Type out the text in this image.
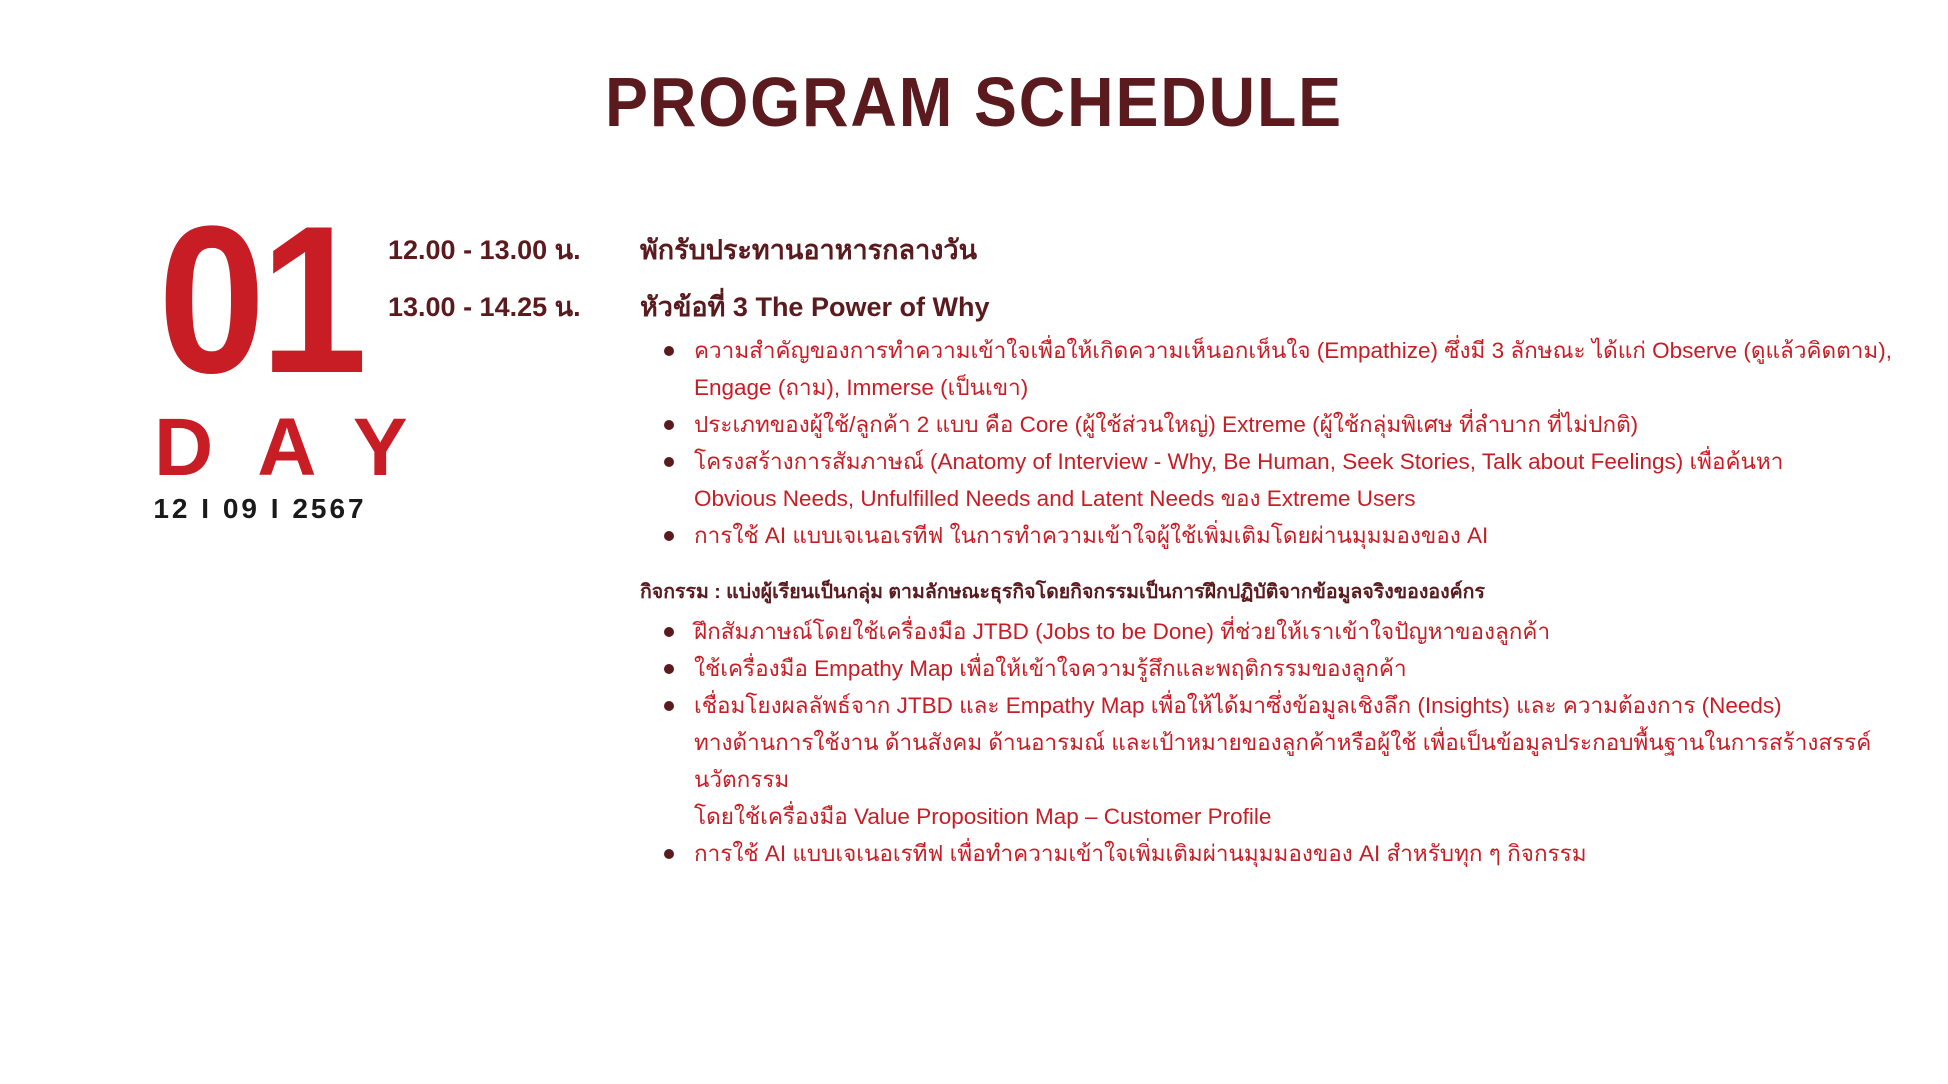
PROGRAM SCHEDULE
01
DAY
12 I 09 I 2567
12.00 - 13.00 น.	พักรับประทานอาหารกลางวัน
13.00 - 14.25 น.	หัวข้อที่ 3 The Power of Why
ความสำคัญของการทำความเข้าใจเพื่อให้เกิดความเห็นอกเห็นใจ (Empathize) ซึ่งมี 3 ลักษณะ ได้แก่ Observe (ดูแล้วคิดตาม),
Engage (ถาม), Immerse (เป็นเขา)
ประเภทของผู้ใช้/ลูกค้า 2 แบบ คือ Core (ผู้ใช้ส่วนใหญ่) Extreme (ผู้ใช้กลุ่มพิเศษ ที่ลำบาก ที่ไม่ปกติ)
โครงสร้างการสัมภาษณ์ (Anatomy of Interview - Why, Be Human, Seek Stories, Talk about Feelings) เพื่อค้นหา
Obvious Needs, Unfulfilled Needs and Latent Needs ของ Extreme Users
การใช้ AI แบบเจเนอเรทีฟ ในการทำความเข้าใจผู้ใช้เพิ่มเติมโดยผ่านมุมมองของ AI
กิจกรรม : แบ่งผู้เรียนเป็นกลุ่ม ตามลักษณะธุรกิจโดยกิจกรรมเป็นการฝึกปฏิบัติจากข้อมูลจริงขององค์กร
ฝึกสัมภาษณ์โดยใช้เครื่องมือ JTBD (Jobs to be Done) ที่ช่วยให้เราเข้าใจปัญหาของลูกค้า
ใช้เครื่องมือ Empathy Map เพื่อให้เข้าใจความรู้สึกและพฤติกรรมของลูกค้า
เชื่อมโยงผลลัพธ์จาก JTBD และ Empathy Map เพื่อให้ได้มาซึ่งข้อมูลเชิงลึก (Insights) และ ความต้องการ (Needs)
ทางด้านการใช้งาน ด้านสังคม ด้านอารมณ์ และเป้าหมายของลูกค้าหรือผู้ใช้ เพื่อเป็นข้อมูลประกอบพื้นฐานในการสร้างสรรค์นวัตกรรม
โดยใช้เครื่องมือ Value Proposition Map – Customer Profile
การใช้ AI แบบเจเนอเรทีฟ เพื่อทำความเข้าใจเพิ่มเติมผ่านมุมมองของ AI สำหรับทุก ๆ กิจกรรม
